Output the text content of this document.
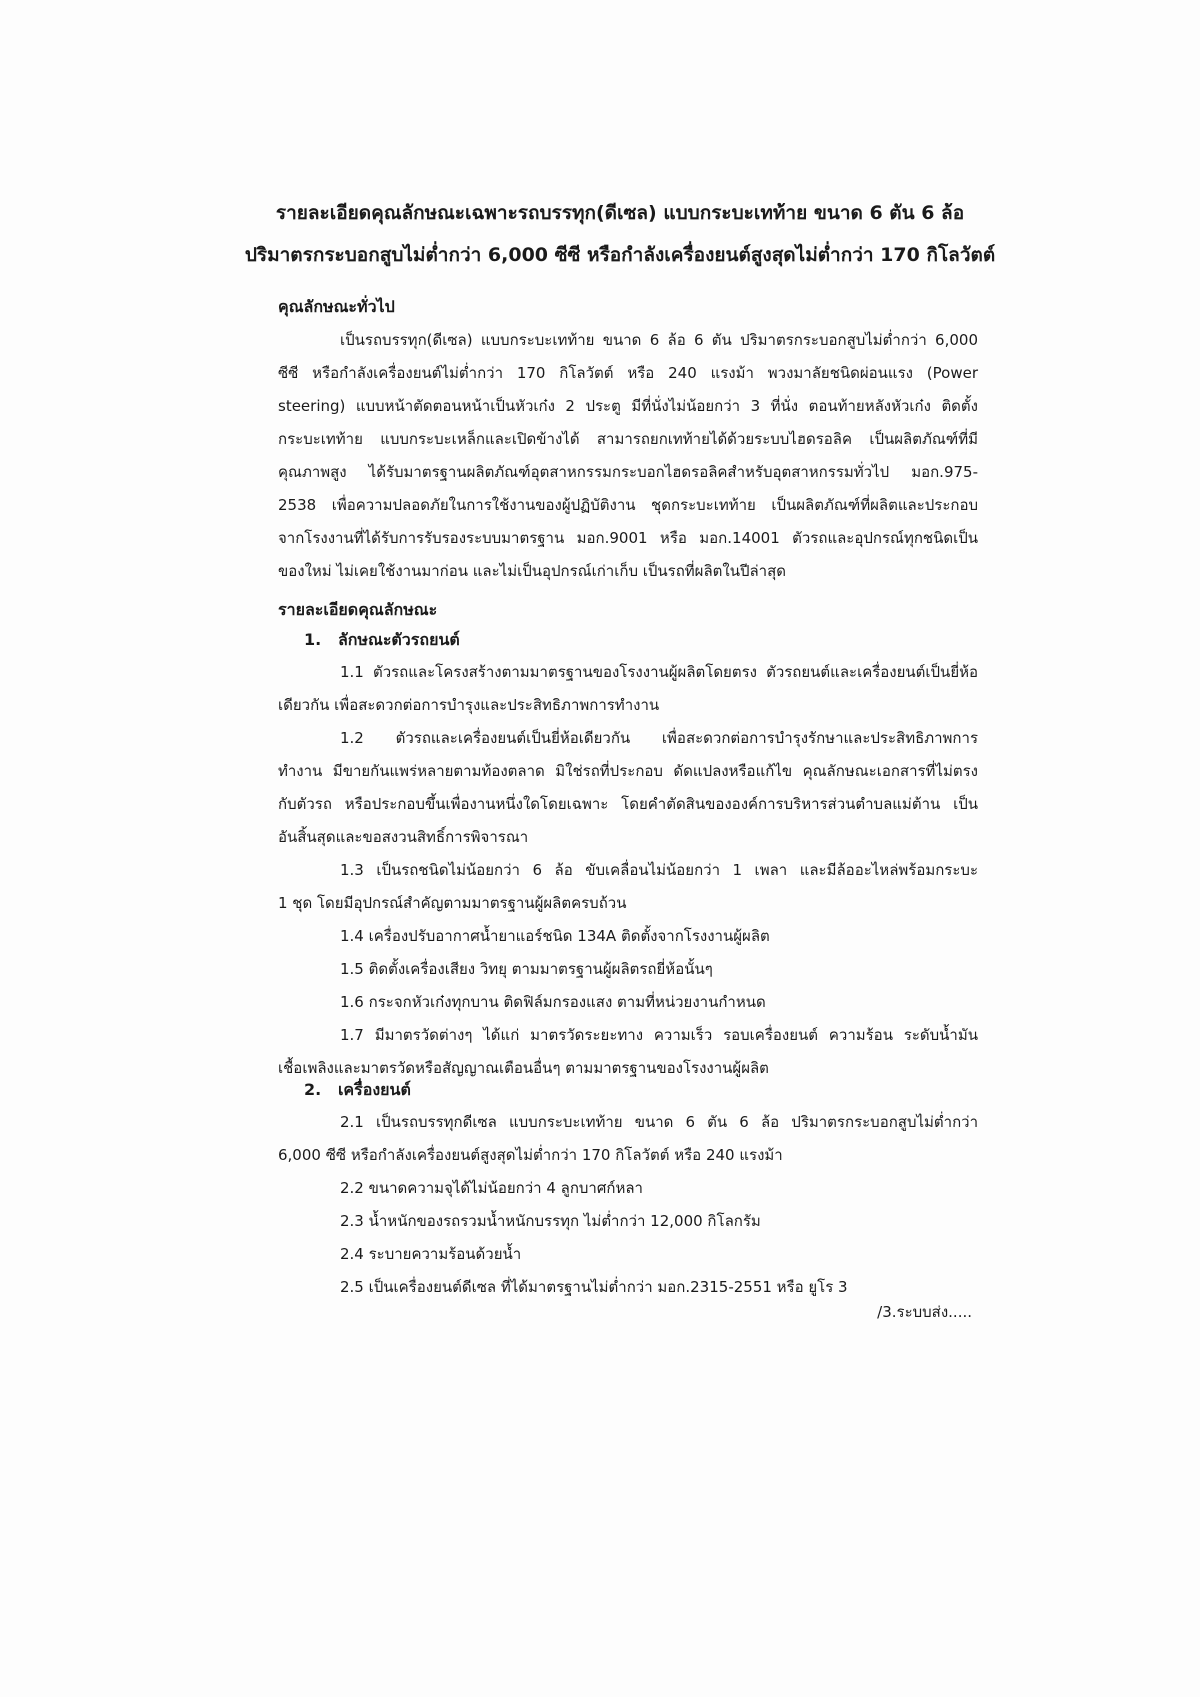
รายละเอียดคุณลักษณะเฉพาะรถบรรทุก(ดีเซล) แบบกระบะเทท้าย ขนาด 6 ตัน 6 ล้อ
ปริมาตรกระบอกสูบไม่ต่ำกว่า 6,000 ซีซี หรือกำลังเครื่องยนต์สูงสุดไม่ต่ำกว่า 170 กิโลวัตต์
คุณลักษณะทั่วไป
เป็นรถบรรทุก(ดีเซล) แบบกระบะเทท้าย ขนาด 6 ล้อ 6 ตัน ปริมาตรกระบอกสูบไม่ต่ำกว่า 6,000
ซีซี หรือกำลังเครื่องยนต์ไม่ต่ำกว่า 170 กิโลวัตต์ หรือ 240 แรงม้า พวงมาลัยชนิดผ่อนแรง (Power
steering) แบบหน้าตัดตอนหน้าเป็นหัวเก๋ง 2 ประตู มีที่นั่งไม่น้อยกว่า 3 ที่นั่ง ตอนท้ายหลังหัวเก๋ง ติดตั้ง
กระบะเทท้าย แบบกระบะเหล็กและเปิดข้างได้ สามารถยกเทท้ายได้ด้วยระบบไฮดรอลิค เป็นผลิตภัณฑ์ที่มี
คุณภาพสูง ได้รับมาตรฐานผลิตภัณฑ์อุตสาหกรรมกระบอกไฮดรอลิคสำหรับอุตสาหกรรมทั่วไป มอก.975-
2538 เพื่อความปลอดภัยในการใช้งานของผู้ปฏิบัติงาน ชุดกระบะเทท้าย เป็นผลิตภัณฑ์ที่ผลิตและประกอบ
จากโรงงานที่ได้รับการรับรองระบบมาตรฐาน มอก.9001 หรือ มอก.14001 ตัวรถและอุปกรณ์ทุกชนิดเป็น
ของใหม่ ไม่เคยใช้งานมาก่อน และไม่เป็นอุปกรณ์เก่าเก็บ เป็นรถที่ผลิตในปีล่าสุด
รายละเอียดคุณลักษณะ
1. ลักษณะตัวรถยนต์
1.1 ตัวรถและโครงสร้างตามมาตรฐานของโรงงานผู้ผลิตโดยตรง ตัวรถยนต์และเครื่องยนต์เป็นยี่ห้อ
เดียวกัน เพื่อสะดวกต่อการบำรุงและประสิทธิภาพการทำงาน
1.2 ตัวรถและเครื่องยนต์เป็นยี่ห้อเดียวกัน เพื่อสะดวกต่อการบำรุงรักษาและประสิทธิภาพการ
ทำงาน มีขายกันแพร่หลายตามท้องตลาด มิใช่รถที่ประกอบ ดัดแปลงหรือแก้ไข คุณลักษณะเอกสารที่ไม่ตรง
กับตัวรถ หรือประกอบขึ้นเพื่องานหนึ่งใดโดยเฉพาะ โดยคำตัดสินขององค์การบริหารส่วนตำบลแม่ต้าน เป็น
อันสิ้นสุดและขอสงวนสิทธิ์การพิจารณา
1.3 เป็นรถชนิดไม่น้อยกว่า 6 ล้อ ขับเคลื่อนไม่น้อยกว่า 1 เพลา และมีล้ออะไหล่พร้อมกระบะ
1 ชุด โดยมีอุปกรณ์สำคัญตามมาตรฐานผู้ผลิตครบถ้วน
1.4 เครื่องปรับอากาศน้ำยาแอร์ชนิด 134A ติดตั้งจากโรงงานผู้ผลิต
1.5 ติดตั้งเครื่องเสียง วิทยุ ตามมาตรฐานผู้ผลิตรถยี่ห้อนั้นๆ
1.6 กระจกหัวเก๋งทุกบาน ติดฟิล์มกรองแสง ตามที่หน่วยงานกำหนด
1.7 มีมาตรวัดต่างๆ ได้แก่ มาตรวัดระยะทาง ความเร็ว รอบเครื่องยนต์ ความร้อน ระดับน้ำมัน
เชื้อเพลิงและมาตรวัดหรือสัญญาณเตือนอื่นๆ ตามมาตรฐานของโรงงานผู้ผลิต
2. เครื่องยนต์
2.1 เป็นรถบรรทุกดีเซล แบบกระบะเทท้าย ขนาด 6 ตัน 6 ล้อ ปริมาตรกระบอกสูบไม่ต่ำกว่า
6,000 ซีซี หรือกำลังเครื่องยนต์สูงสุดไม่ต่ำกว่า 170 กิโลวัตต์ หรือ 240 แรงม้า
2.2 ขนาดความจุได้ไม่น้อยกว่า 4 ลูกบาศก์หลา
2.3 น้ำหนักของรถรวมน้ำหนักบรรทุก ไม่ต่ำกว่า 12,000 กิโลกรัม
2.4 ระบายความร้อนด้วยน้ำ
2.5 เป็นเครื่องยนต์ดีเซล ที่ได้มาตรฐานไม่ต่ำกว่า มอก.2315-2551 หรือ ยูโร 3
/3.ระบบส่ง.....
